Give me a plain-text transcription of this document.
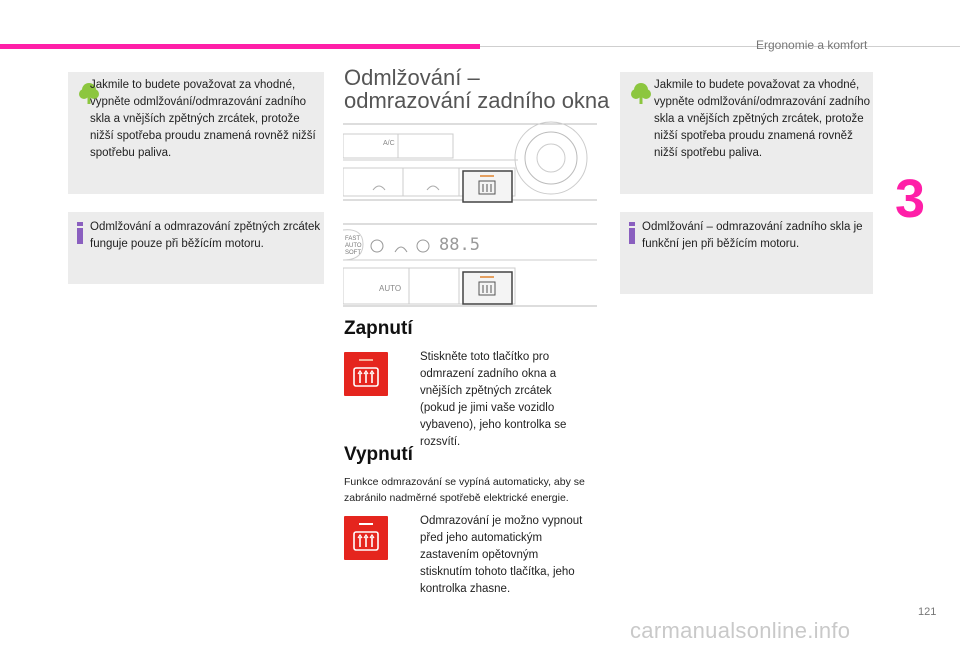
Ergonomie a komfort
3

Jakmile to budete považovat za vhodné, vypněte odmlžování/odmrazování zadního skla a vnějších zpětných zrcátek, protože nižší spotřeba proudu znamená rovněž nižší spotřebu paliva.

Odmlžování a odmrazování zpětných zrcátek funguje pouze při běžícím motoru.

Odmlžování –
odmrazování zadního okna
A/C
FAST
AUTO
SOFT	88.5
AUTO
Zapnutí

Stiskněte toto tlačítko pro odmrazení zadního okna a vnějších zpětných zrcátek (pokud je jimi vaše vozidlo vybaveno), jeho kontrolka se rozsvítí.

Vypnutí

Funkce odmrazování se vypíná automaticky, aby se zabránilo nadměrné spotřebě elektrické energie.

Odmrazování je možno vypnout před jeho automatickým zastavením opětovným stisknutím tohoto tlačítka, jeho kontrolka zhasne.

Jakmile to budete považovat za vhodné, vypněte odmlžování/odmrazování zadního skla a vnějších zpětných zrcátek, protože nižší spotřeba proudu znamená rovněž nižší spotřebu paliva.

Odmlžování – odmrazování zadního skla je funkční jen při běžícím motoru.

121
carmanualsonline.info
